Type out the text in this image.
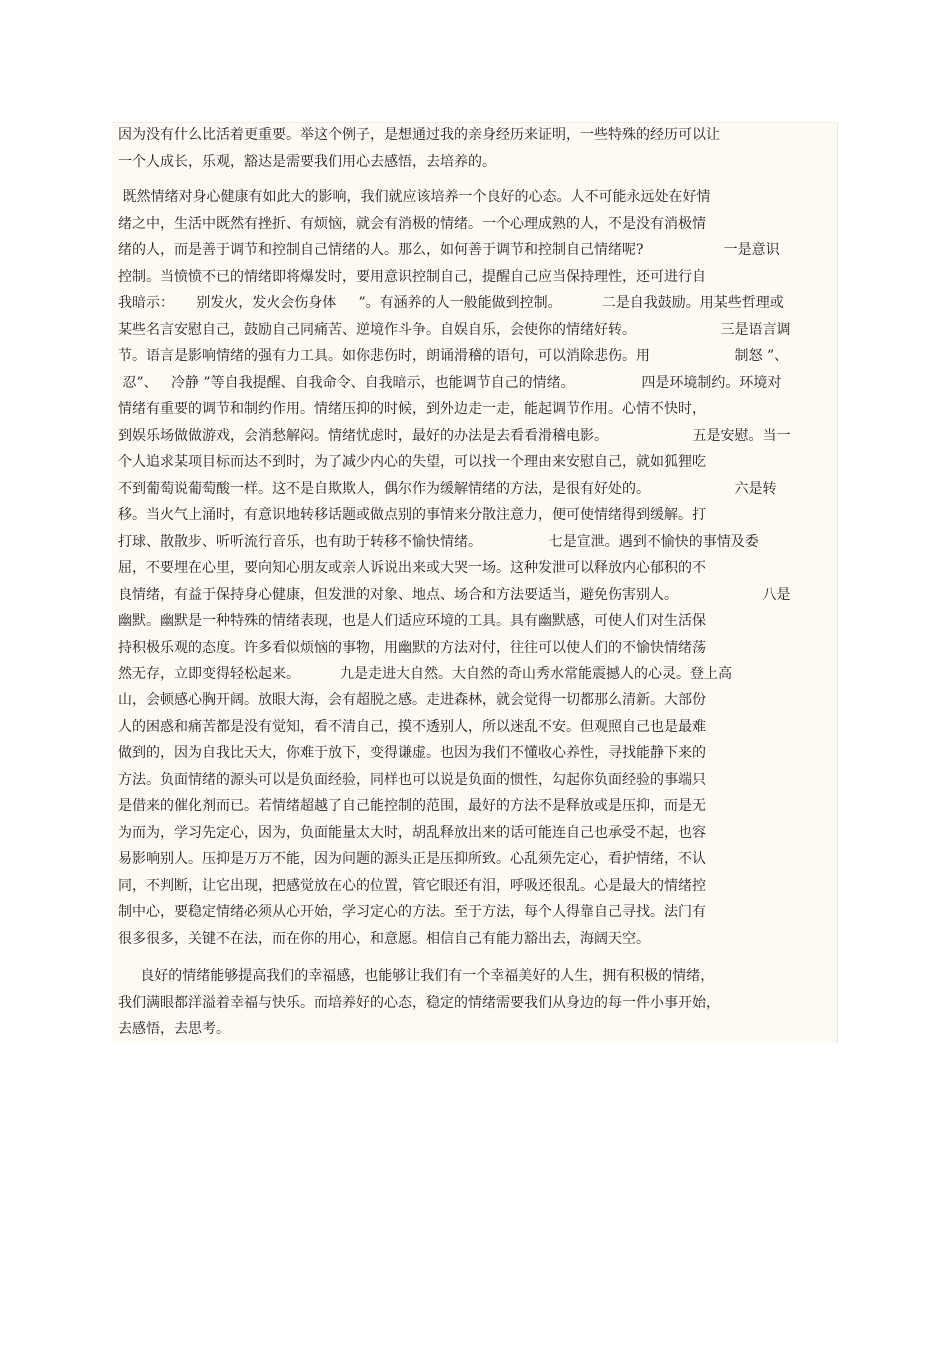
因为没有什么比活着更重要。举这个例子，是想通过我的亲身经历来证明，一些特殊的经历可以让
一个人成长，乐观，豁达是需要我们用心去感悟，去培养的。
既然情绪对身心健康有如此大的影响，我们就应该培养一个良好的心态。人不可能永远处在好情
绪之中，生活中既然有挫折、有烦恼，就会有消极的情绪。一个心理成熟的人，不是没有消极情
绪的人，而是善于调节和控制自己情绪的人。那么，如何善于调节和控制自己情绪呢?                  一是意识
控制。当愤愤不已的情绪即将爆发时，要用意识控制自己，提醒自己应当保持理性，还可进行自
我暗示：     别发火，发火会伤身体     ”。有涵养的人一般能做到控制。         二是自我鼓励。用某些哲理或
某些名言安慰自己，鼓励自己同痛苦、逆境作斗争。自娱自乐，会使你的情绪好转。                   三是语言调
节。语言是影响情绪的强有力工具。如你悲伤时，朗诵滑稽的语句，可以消除悲伤。用                   制怒 ”、
忍”、   冷静 ”等自我提醒、自我命令、自我暗示，也能调节自己的情绪。               四是环境制约。环境对
情绪有重要的调节和制约作用。情绪压抑的时候，到外边走一走，能起调节作用。心情不快时，
到娱乐场做做游戏，会消愁解闷。情绪忧虑时，最好的办法是去看看滑稽电影。                   五是安慰。当一
个人追求某项目标而达不到时，为了减少内心的失望，可以找一个理由来安慰自己，就如狐狸吃
不到葡萄说葡萄酸一样。这不是自欺欺人，偶尔作为缓解情绪的方法，是很有好处的。                   六是转
移。当火气上涌时，有意识地转移话题或做点别的事情来分散注意力，便可使情绪得到缓解。打
打球、散散步、听听流行音乐，也有助于转移不愉快情绪。               七是宣泄。遇到不愉快的事情及委
屈，不要埋在心里，要向知心朋友或亲人诉说出来或大哭一场。这种发泄可以释放内心郁积的不
良情绪，有益于保持身心健康，但发泄的对象、地点、场合和方法要适当，避免伤害别人。                   八是
幽默。幽默是一种特殊的情绪表现，也是人们适应环境的工具。具有幽默感，可使人们对生活保
持积极乐观的态度。许多看似烦恼的事物，用幽默的方法对付，往往可以使人们的不愉快情绪荡
然无存，立即变得轻松起来。         九是走进大自然。大自然的奇山秀水常能震撼人的心灵。登上高
山，会顿感心胸开阔。放眼大海，会有超脱之感。走进森林，就会觉得一切都那么清新。大部份
人的困惑和痛苦都是没有觉知，看不清自己，摸不透别人，所以迷乱不安。但观照自己也是最难
做到的，因为自我比天大，你难于放下，变得谦虚。也因为我们不懂收心养性，寻找能静下来的
方法。负面情绪的源头可以是负面经验，同样也可以说是负面的惯性，勾起你负面经验的事端只
是借来的催化剂而已。若情绪超越了自己能控制的范围，最好的方法不是释放或是压抑，而是无
为而为，学习先定心，因为，负面能量太大时，胡乱释放出来的话可能连自己也承受不起，也容
易影响别人。压抑是万万不能，因为问题的源头正是压抑所致。心乱须先定心，看护情绪，不认
同，不判断，让它出现，把感觉放在心的位置，管它眼还有泪，呼吸还很乱。心是最大的情绪控
制中心，要稳定情绪必须从心开始，学习定心的方法。至于方法，每个人得靠自己寻找。法门有
很多很多，关键不在法，而在你的用心，和意愿。相信自己有能力豁出去，海阔天空。
良好的情绪能够提高我们的幸福感，也能够让我们有一个幸福美好的人生，拥有积极的情绪，
我们满眼都洋溢着幸福与快乐。而培养好的心态，稳定的情绪需要我们从身边的每一件小事开始，
去感悟，去思考。
